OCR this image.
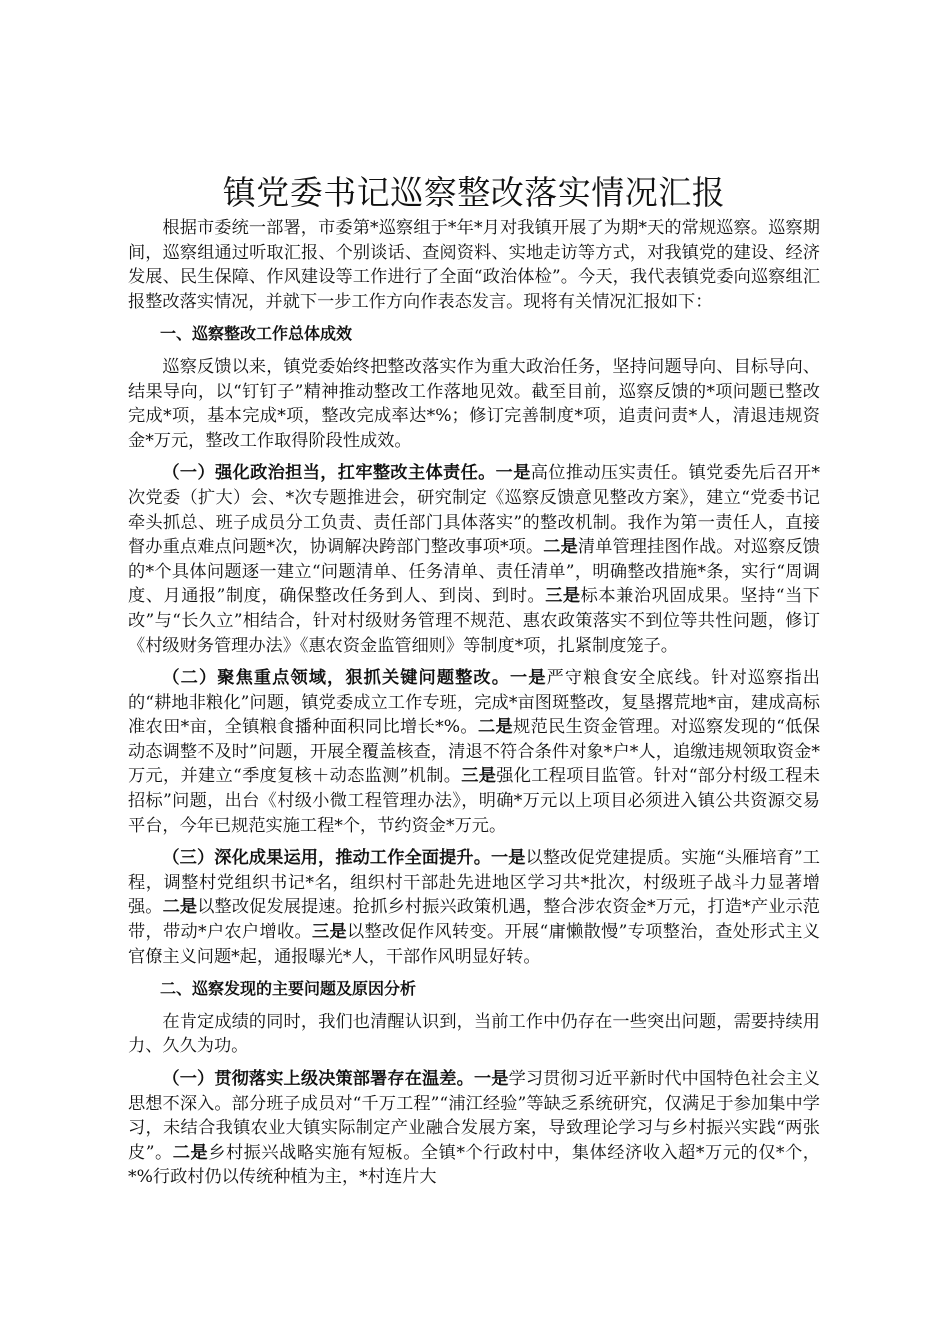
镇党委书记巡察整改落实情况汇报

根据市委统一部署，市委第*巡察组于*年*月对我镇开展了为期*天的常规巡察。巡察期间，巡察组通过听取汇报、个别谈话、查阅资料、实地走访等方式，对我镇党的建设、经济发展、民生保障、作风建设等工作进行了全面“政治体检”。今天，我代表镇党委向巡察组汇报整改落实情况，并就下一步工作方向作表态发言。现将有关情况汇报如下：

一、巡察整改工作总体成效

巡察反馈以来，镇党委始终把整改落实作为重大政治任务，坚持问题导向、目标导向、结果导向，以“钉钉子”精神推动整改工作落地见效。截至目前，巡察反馈的*项问题已整改完成*项，基本完成*项，整改完成率达*%；修订完善制度*项，追责问责*人，清退违规资金*万元，整改工作取得阶段性成效。

（一）强化政治担当，扛牢整改主体责任。一是高位推动压实责任。镇党委先后召开*次党委（扩大）会、*次专题推进会，研究制定《巡察反馈意见整改方案》，建立“党委书记牵头抓总、班子成员分工负责、责任部门具体落实”的整改机制。我作为第一责任人，直接督办重点难点问题*次，协调解决跨部门整改事项*项。二是清单管理挂图作战。对巡察反馈的*个具体问题逐一建立“问题清单、任务清单、责任清单”，明确整改措施*条，实行“周调度、月通报”制度，确保整改任务到人、到岗、到时。三是标本兼治巩固成果。坚持“当下改”与“长久立”相结合，针对村级财务管理不规范、惠农政策落实不到位等共性问题，修订《村级财务管理办法》《惠农资金监管细则》等制度*项，扎紧制度笼子。

（二）聚焦重点领域，狠抓关键问题整改。一是严守粮食安全底线。针对巡察指出的“耕地非粮化”问题，镇党委成立工作专班，完成*亩图斑整改，复垦撂荒地*亩，建成高标准农田*亩，全镇粮食播种面积同比增长*%。二是规范民生资金管理。对巡察发现的“低保动态调整不及时”问题，开展全覆盖核查，清退不符合条件对象*户*人，追缴违规领取资金*万元，并建立“季度复核＋动态监测”机制。三是强化工程项目监管。针对“部分村级工程未招标”问题，出台《村级小微工程管理办法》，明确*万元以上项目必须进入镇公共资源交易平台，今年已规范实施工程*个，节约资金*万元。

（三）深化成果运用，推动工作全面提升。一是以整改促党建提质。实施“头雁培育”工程，调整村党组织书记*名，组织村干部赴先进地区学习共*批次，村级班子战斗力显著增强。二是以整改促发展提速。抢抓乡村振兴政策机遇，整合涉农资金*万元，打造*产业示范带，带动*户农户增收。三是以整改促作风转变。开展“庸懒散慢”专项整治，查处形式主义官僚主义问题*起，通报曝光*人，干部作风明显好转。

二、巡察发现的主要问题及原因分析

在肯定成绩的同时，我们也清醒认识到，当前工作中仍存在一些突出问题，需要持续用力、久久为功。

（一）贯彻落实上级决策部署存在温差。一是学习贯彻习近平新时代中国特色社会主义思想不深入。部分班子成员对“千万工程”“浦江经验”等缺乏系统研究，仅满足于参加集中学习，未结合我镇农业大镇实际制定产业融合发展方案，导致理论学习与乡村振兴实践“两张皮”。二是乡村振兴战略实施有短板。全镇*个行政村中，集体经济收入超*万元的仅*个，*%行政村仍以传统种植为主，*村连片大
